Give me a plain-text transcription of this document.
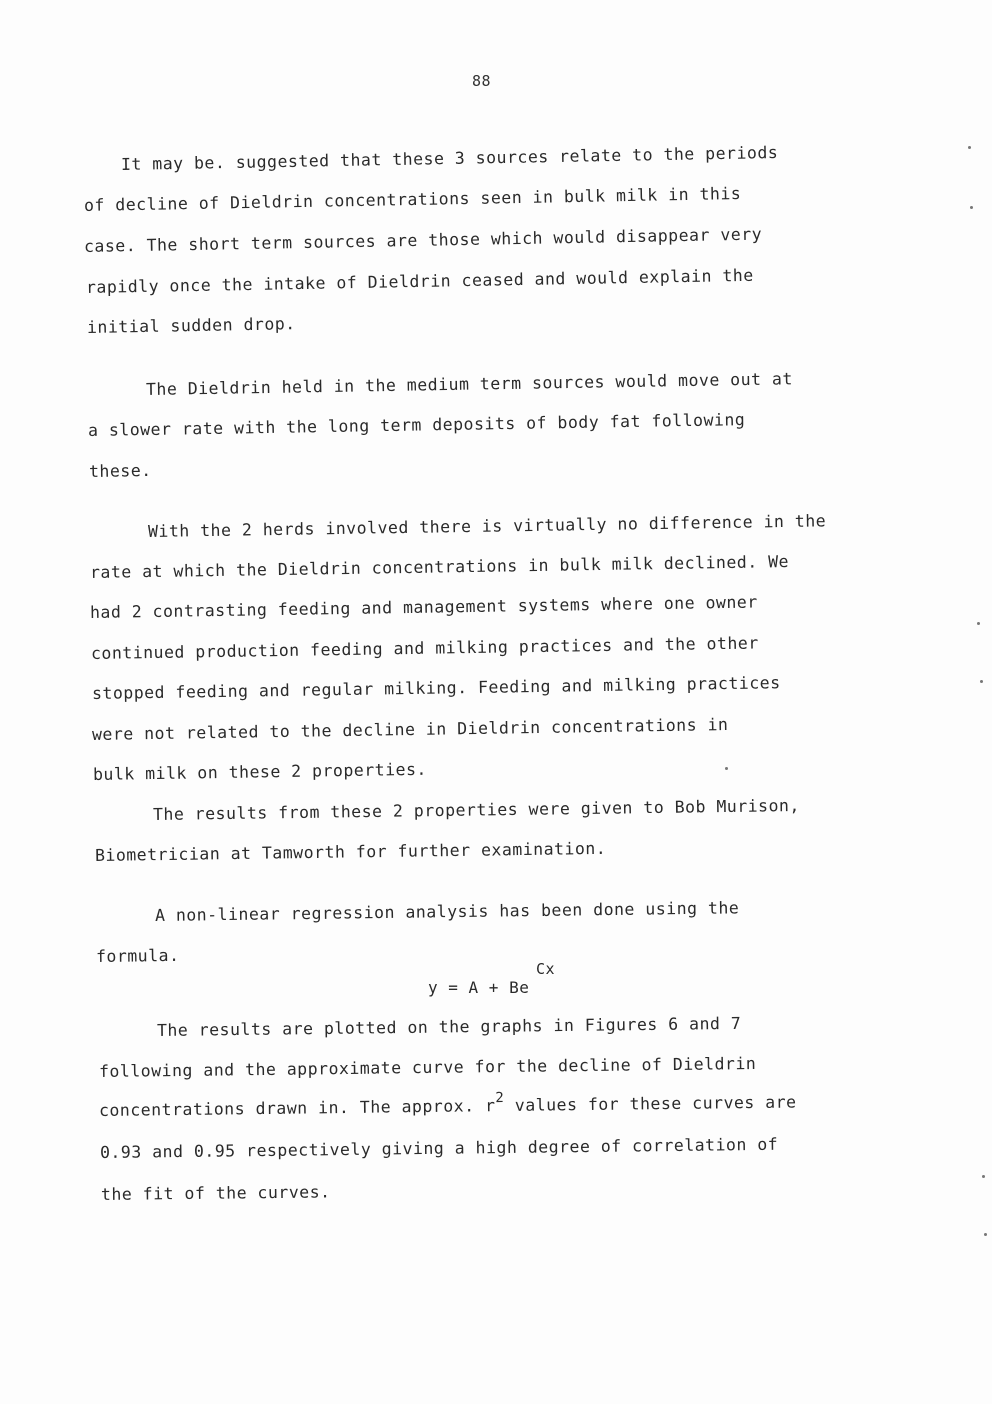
88
It may be. suggested that these 3 sources relate to the periods
of decline of Dieldrin concentrations seen in bulk milk in this
case. The short term sources are those which would disappear very
rapidly once the intake of Dieldrin ceased and would explain the
initial sudden drop.
The Dieldrin held in the medium term sources would move out at
a slower rate with the long term deposits of body fat following
these.
With the 2 herds involved there is virtually no difference in the
rate at which the Dieldrin concentrations in bulk milk declined. We
had 2 contrasting feeding and management systems where one owner
continued production feeding and milking practices and the other
stopped feeding and regular milking. Feeding and milking practices
were not related to the decline in Dieldrin concentrations in
bulk milk on these 2 properties.
The results from these 2 properties were given to Bob Murison,
Biometrician at Tamworth for further examination.
A non-linear regression analysis has been done using the
formula.
Cx
y = A + Be
The results are plotted on the graphs in Figures 6 and 7
following and the approximate curve for the decline of Dieldrin
concentrations drawn in. The approx. $r^2$ values for these curves are
0.93 and 0.95 respectively giving a high degree of correlation of
the fit of the curves.
